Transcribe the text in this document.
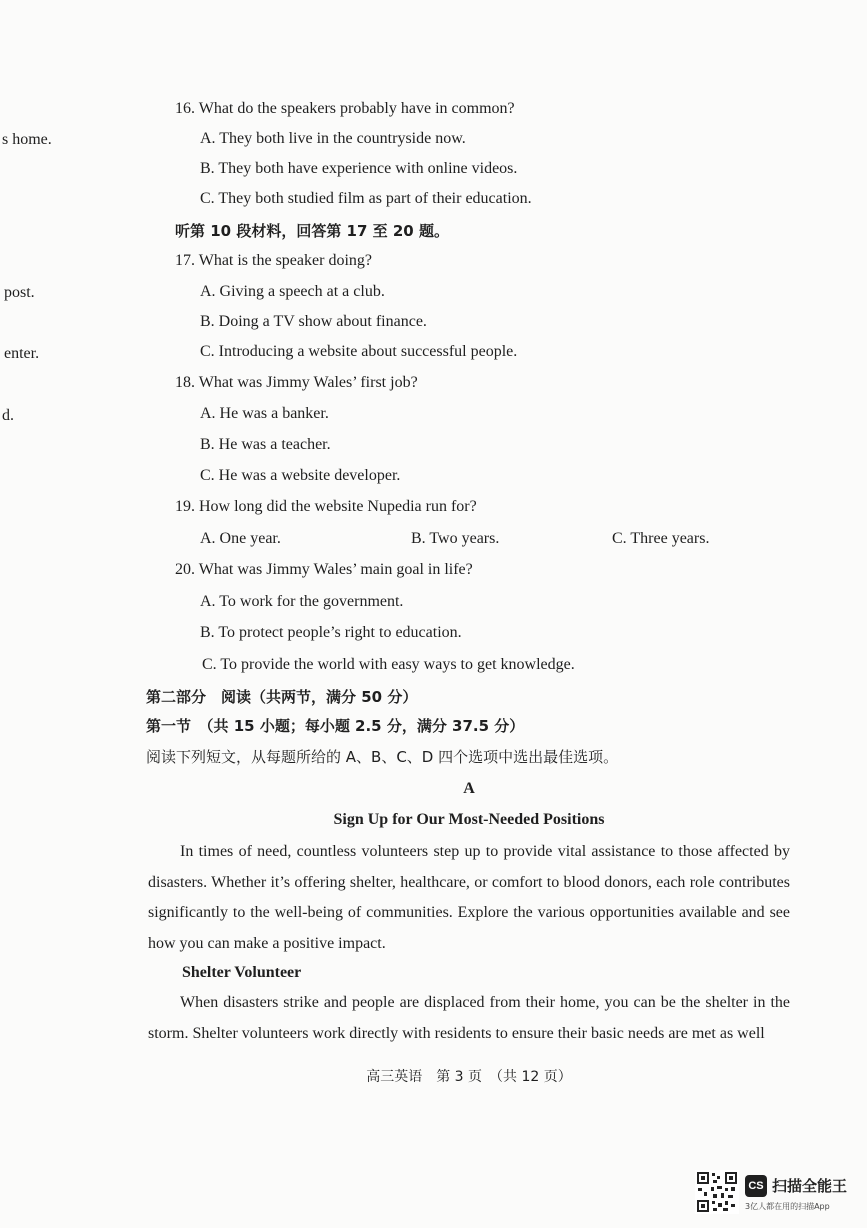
s home.
post.
enter.
d.
16. What do the speakers probably have in common?
A. They both live in the countryside now.
B. They both have experience with online videos.
C. They both studied film as part of their education.
听第 10 段材料，回答第 17 至 20 题。
17. What is the speaker doing?
A. Giving a speech at a club.
B. Doing a TV show about finance.
C. Introducing a website about successful people.
18. What was Jimmy Wales’ first job?
A. He was a banker.
B. He was a teacher.
C. He was a website developer.
19. How long did the website Nupedia run for?
A. One year.	B. Two years.	C. Three years.
20. What was Jimmy Wales’ main goal in life?
A. To work for the government.
B. To protect people’s right to education.
C. To provide the world with easy ways to get knowledge.
第二部分　阅读（共两节，满分 50 分）
第一节　（共 15 小题；每小题 2.5 分，满分 37.5 分）
阅读下列短文，从每题所给的 A、B、C、D 四个选项中选出最佳选项。
A
Sign Up for Our Most-Needed Positions

In times of need, countless volunteers step up to provide vital assistance to those affected by disasters. Whether it’s offering shelter, healthcare, or comfort to blood donors, each role contributes significantly to the well-being of communities. Explore the various opportunities available and see how you can make a positive impact.

Shelter Volunteer

When disasters strike and people are displaced from their home, you can be the shelter in the storm. Shelter volunteers work directly with residents to ensure their basic needs are met as well

高三英语　第 3 页　（共 12 页）
CS 扫描全能王
3亿人都在用的扫描App
